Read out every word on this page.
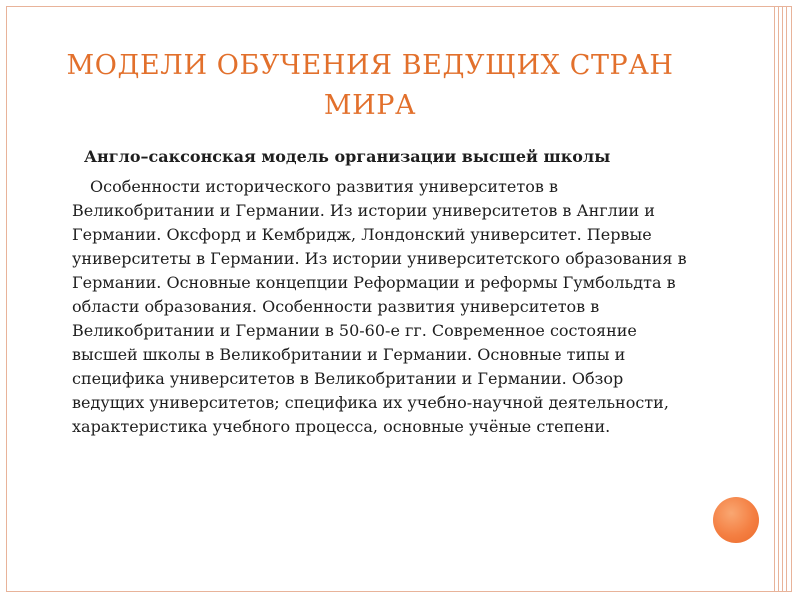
МОДЕЛИ ОБУЧЕНИЯ ВЕДУЩИХ СТРАН
МИРА
Англо–саксонская модель организации высшей школы
Особенности исторического развития университетов в Великобритании и Германии. Из истории университетов в Англии и Германии. Оксфорд и Кембридж, Лондонский университет. Первые университеты в Германии. Из истории университетского образования в Германии. Основные концепции Реформации и реформы Гумбольдта в области образования. Особенности развития университетов в Великобритании и Германии в 50-60-е гг. Современное состояние высшей школы в Великобритании и Германии. Основные типы и специфика университетов в Великобритании и Германии. Обзор ведущих университетов; специфика их учебно-научной деятельности, характеристика учебного процесса, основные учёные степени.
